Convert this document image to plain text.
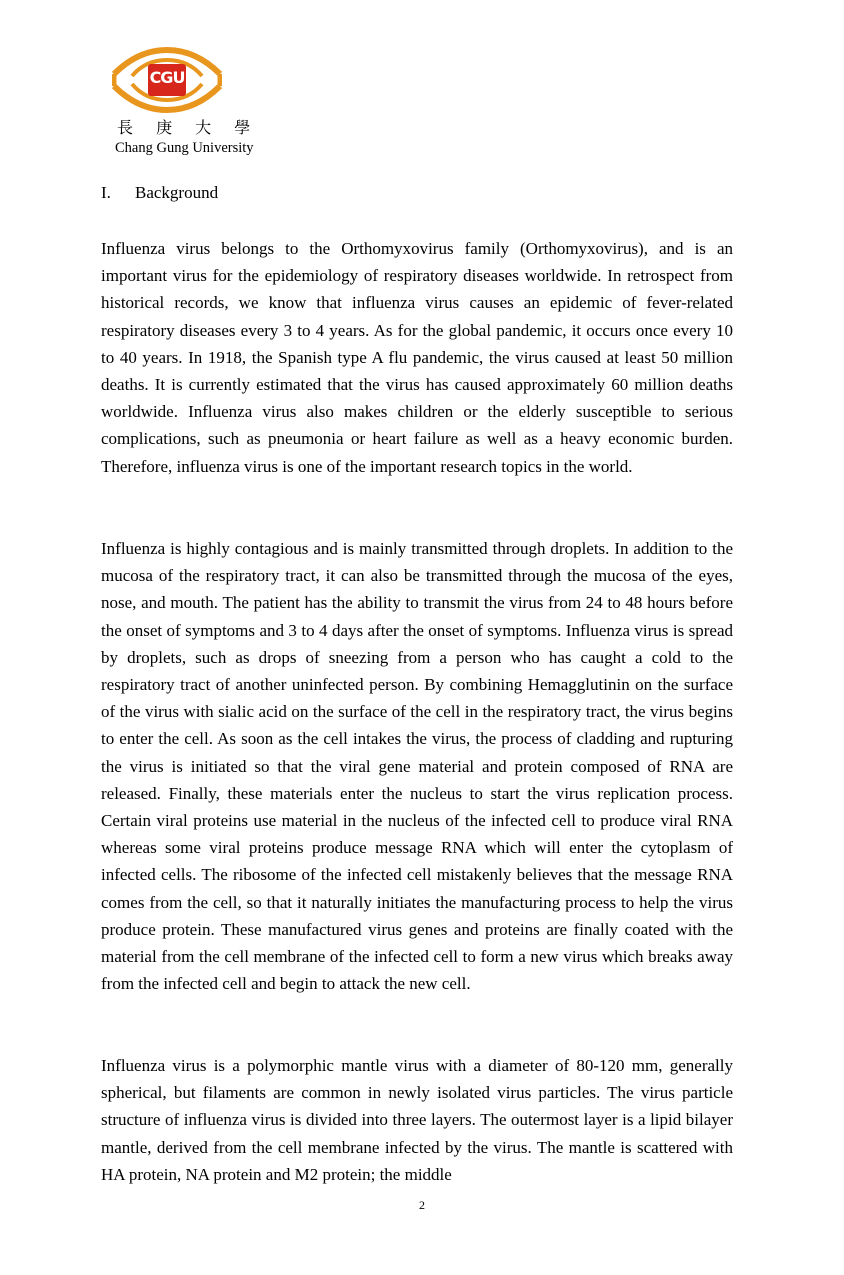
CGU
長 庚 大 學
Chang Gung University
I. Background

Influenza virus belongs to the Orthomyxovirus family (Orthomyxovirus), and is an important virus for the epidemiology of respiratory diseases worldwide. In retrospect from historical records, we know that influenza virus causes an epidemic of fever-related respiratory diseases every 3 to 4 years. As for the global pandemic, it occurs once every 10 to 40 years. In 1918, the Spanish type A flu pandemic, the virus caused at least 50 million deaths. It is currently estimated that the virus has caused approximately 60 million deaths worldwide. Influenza virus also makes children or the elderly susceptible to serious complications, such as pneumonia or heart failure as well as a heavy economic burden. Therefore, influenza virus is one of the important research topics in the world.

Influenza is highly contagious and is mainly transmitted through droplets. In addition to the mucosa of the respiratory tract, it can also be transmitted through the mucosa of the eyes, nose, and mouth. The patient has the ability to transmit the virus from 24 to 48 hours before the onset of symptoms and 3 to 4 days after the onset of symptoms. Influenza virus is spread by droplets, such as drops of sneezing from a person who has caught a cold to the respiratory tract of another uninfected person. By combining Hemagglutinin on the surface of the virus with sialic acid on the surface of the cell in the respiratory tract, the virus begins to enter the cell. As soon as the cell intakes the virus, the process of cladding and rupturing the virus is initiated so that the viral gene material and protein composed of RNA are released. Finally, these materials enter the nucleus to start the virus replication process. Certain viral proteins use material in the nucleus of the infected cell to produce viral RNA whereas some viral proteins produce message RNA which will enter the cytoplasm of infected cells. The ribosome of the infected cell mistakenly believes that the message RNA comes from the cell, so that it naturally initiates the manufacturing process to help the virus produce protein. These manufactured virus genes and proteins are finally coated with the material from the cell membrane of the infected cell to form a new virus which breaks away from the infected cell and begin to attack the new cell.

Influenza virus is a polymorphic mantle virus with a diameter of 80-120 mm, generally spherical, but filaments are common in newly isolated virus particles. The virus particle structure of influenza virus is divided into three layers. The outermost layer is a lipid bilayer mantle, derived from the cell membrane infected by the virus. The mantle is scattered with HA protein, NA protein and M2 protein; the middle

2
